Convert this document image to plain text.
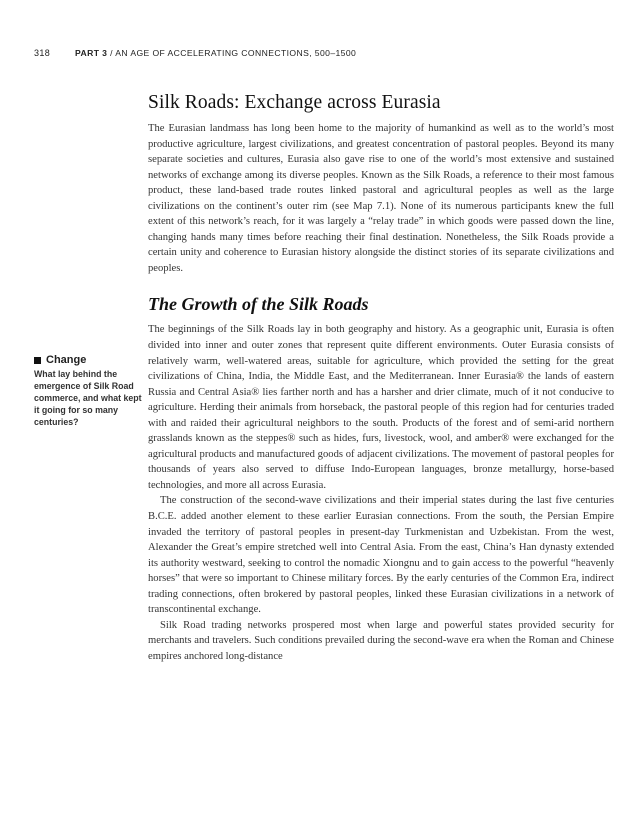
318	PART 3 / AN AGE OF ACCELERATING CONNECTIONS, 500–1500
Silk Roads: Exchange across Eurasia

The Eurasian landmass has long been home to the majority of humankind as well as to the world’s most productive agriculture, largest civilizations, and greatest concentration of pastoral peoples. Beyond its many separate societies and cultures, Eurasia also gave rise to one of the world’s most extensive and sustained networks of exchange among its diverse peoples. Known as the Silk Roads, a reference to their most famous product, these land-based trade routes linked pastoral and agricultural peoples as well as the large civilizations on the continent’s outer rim (see Map 7.1). None of its numerous participants knew the full extent of this network’s reach, for it was largely a “relay trade” in which goods were passed down the line, changing hands many times before reaching their final destination. Nonetheless, the Silk Roads provide a certain unity and coherence to Eurasian history alongside the distinct stories of its separate civilizations and peoples.

The Growth of the Silk Roads

The beginnings of the Silk Roads lay in both geography and history. As a geographic unit, Eurasia is often divided into inner and outer zones that represent quite different environments. Outer Eurasia consists of relatively warm, well-watered areas, suitable for agriculture, which provided the setting for the great civilizations of China, India, the Middle East, and the Mediterranean. Inner Eurasia® the lands of eastern Russia and Central Asia® lies farther north and has a harsher and drier climate, much of it not conducive to agriculture. Herding their animals from horseback, the pastoral people of this region had for centuries traded with and raided their agricultural neighbors to the south. Products of the forest and of semi-arid northern grasslands known as the steppes® such as hides, furs, livestock, wool, and amber® were exchanged for the agricultural products and manufactured goods of adjacent civilizations. The movement of pastoral peoples for thousands of years also served to diffuse Indo-European languages, bronze metallurgy, horse-based technologies, and more all across Eurasia.

The construction of the second-wave civilizations and their imperial states during the last five centuries B.C.E. added another element to these earlier Eurasian connections. From the south, the Persian Empire invaded the territory of pastoral peoples in present-day Turkmenistan and Uzbekistan. From the west, Alexander the Great’s empire stretched well into Central Asia. From the east, China’s Han dynasty extended its authority westward, seeking to control the nomadic Xiongnu and to gain access to the powerful “heavenly horses” that were so important to Chinese military forces. By the early centuries of the Common Era, indirect trading connections, often brokered by pastoral peoples, linked these Eurasian civilizations in a network of transcontinental exchange.

Silk Road trading networks prospered most when large and powerful states provided security for merchants and travelers. Such conditions prevailed during the second-wave era when the Roman and Chinese empires anchored long-distance

Change
What lay behind the emergence of Silk Road commerce, and what kept it going for so many centuries?
